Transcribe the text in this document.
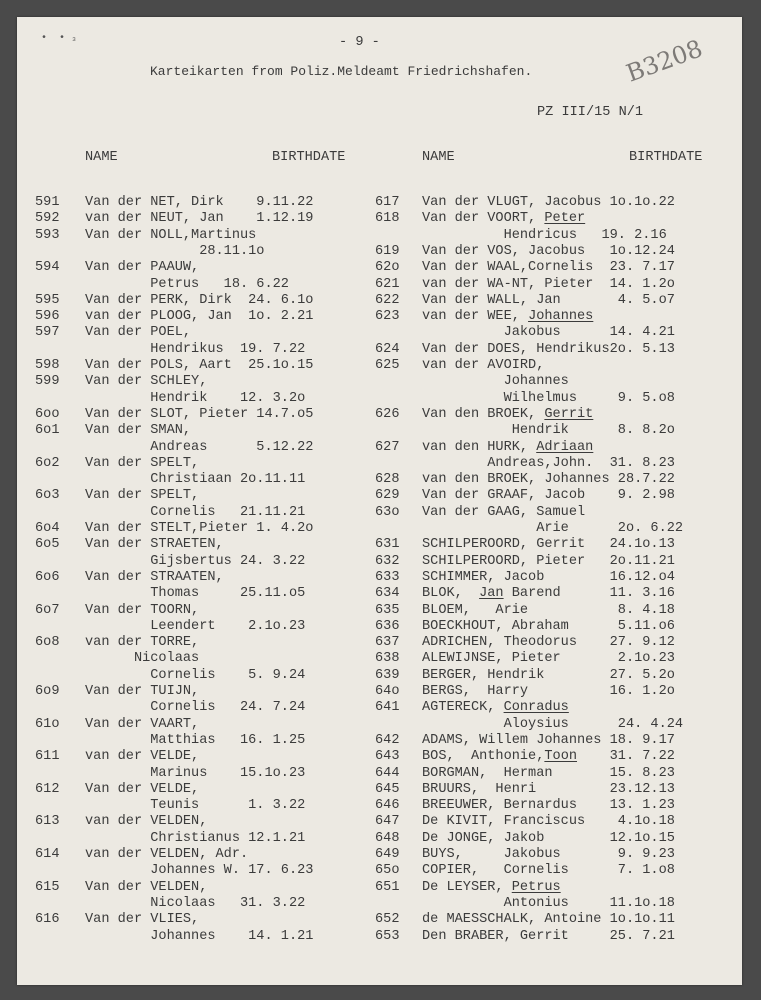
•  • ₃	- 9 -
Karteikarten from Poliz.Meldeamt Friedrichshafen.	B3208
PZ III/15 N/1
NAME	BIRTHDATE	NAME	BIRTHDATE
591 Van der NET, Dirk    9.11.22
592 van der NEUT, Jan    1.12.19
593 Van der NOLL,Martinus
28.11.1o
594 Van der PAAUW,
Petrus   18. 6.22
595 Van der PERK, Dirk  24. 6.1o
596 van der PLOOG, Jan  1o. 2.21
597 Van der POEL,
Hendrikus  19. 7.22
598 Van der POLS, Aart  25.1o.15
599 Van der SCHLEY,
Hendrik    12. 3.2o
6oo Van der SLOT, Pieter 14.7.o5
6o1 Van der SMAN,
Andreas      5.12.22
6o2 Van der SPELT,
Christiaan 2o.11.11
6o3 Van der SPELT,
Cornelis   21.11.21
6o4 Van der STELT,Pieter 1. 4.2o
6o5 Van der STRAETEN,
Gijsbertus 24. 3.22
6o6 Van der STRAATEN,
Thomas     25.11.o5
6o7 Van der TOORN,
Leendert    2.1o.23
6o8 van der TORRE,
Nicolaas
Cornelis    5. 9.24
6o9 Van der TUIJN,
Cornelis   24. 7.24
61o Van der VAART,
Matthias   16. 1.25
611 van der VELDE,
Marinus    15.1o.23
612 Van der VELDE,
Teunis      1. 3.22
613 van der VELDEN,
Christianus 12.1.21
614 van der VELDEN, Adr.
Johannes W. 17. 6.23
615 Van der VELDEN,
Nicolaas   31. 3.22
616 Van der VLIES,
Johannes    14. 1.21
617 Van der VLUGT, Jacobus 1o.1o.22
618 Van der VOORT, Peter
Hendricus   19. 2.16
619 Van der VOS, Jacobus   1o.12.24
62o Van der WAAL,Cornelis  23. 7.17
621 van der WA-NT, Pieter  14. 1.2o
622 Van der WALL, Jan       4. 5.o7
623 van der WEE, Johannes
Jakobus      14. 4.21
624 Van der DOES, Hendrikus2o. 5.13
625 van der AVOIRD,
Johannes
Wilhelmus     9. 5.o8
626 Van den BROEK, Gerrit
Hendrik      8. 8.2o
627 van den HURK, Adriaan
Andreas,John.  31. 8.23
628 van den BROEK, Johannes 28.7.22
629 Van der GRAAF, Jacob    9. 2.98
63o Van der GAAG, Samuel
Arie      2o. 6.22
631 SCHILPEROORD, Gerrit   24.1o.13
632 SCHILPEROORD, Pieter   2o.11.21
633 SCHIMMER, Jacob        16.12.o4
634 BLOK,  Jan Barend      11. 3.16
635 BLOEM,   Arie           8. 4.18
636 BOECKHOUT, Abraham      5.11.o6
637 ADRICHEN, Theodorus    27. 9.12
638 ALEWIJNSE, Pieter       2.1o.23
639 BERGER, Hendrik        27. 5.2o
64o BERGS,  Harry          16. 1.2o
641 AGTERECK, Conradus
Aloysius      24. 4.24
642 ADAMS, Willem Johannes 18. 9.17
643 BOS,  Anthonie,Toon    31. 7.22
644 BORGMAN,  Herman       15. 8.23
645 BRUURS,  Henri         23.12.13
646 BREEUWER, Bernardus    13. 1.23
647 De KIVIT, Franciscus    4.1o.18
648 De JONGE, Jakob        12.1o.15
649 BUYS,     Jakobus       9. 9.23
65o COPIER,   Cornelis      7. 1.o8
651 De LEYSER, Petrus
Antonius     11.1o.18
652 de MAESSCHALK, Antoine 1o.1o.11
653 Den BRABER, Gerrit     25. 7.21
